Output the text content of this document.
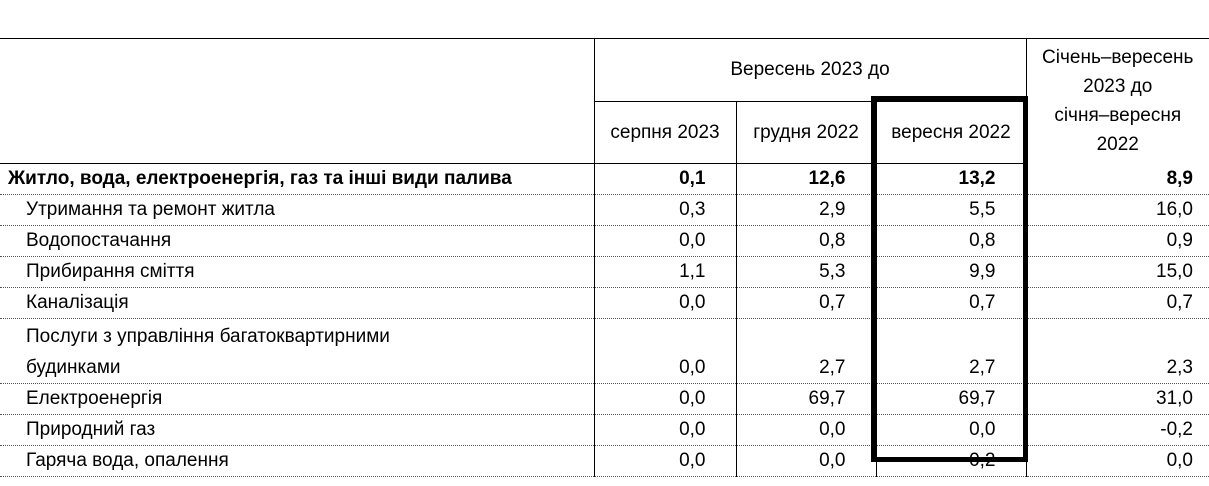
	Вересень 2023 до			Січень–вересень
2023 до
січня–вересня
2022

	серпня 2023	грудня 2022	вересня 2022	
Житло, вода, електроенергія, газ та інші види палива	0,1	12,6	13,2	8,9
Утримання та ремонт житла	0,3	2,9	5,5	16,0
Водопостачання	0,0	0,8	0,8	0,9
Прибирання сміття	1,1	5,3	9,9	15,0
Каналізація	0,0	0,7	0,7	0,7

Послуги з управління багатоквартирними
будинками	0,0	2,7	2,7	2,3
Електроенергія	0,0	69,7	69,7	31,0
Природний газ	0,0	0,0	0,0	-0,2
Гаряча вода, опалення	0,0	0,0	-0,2	0,0
